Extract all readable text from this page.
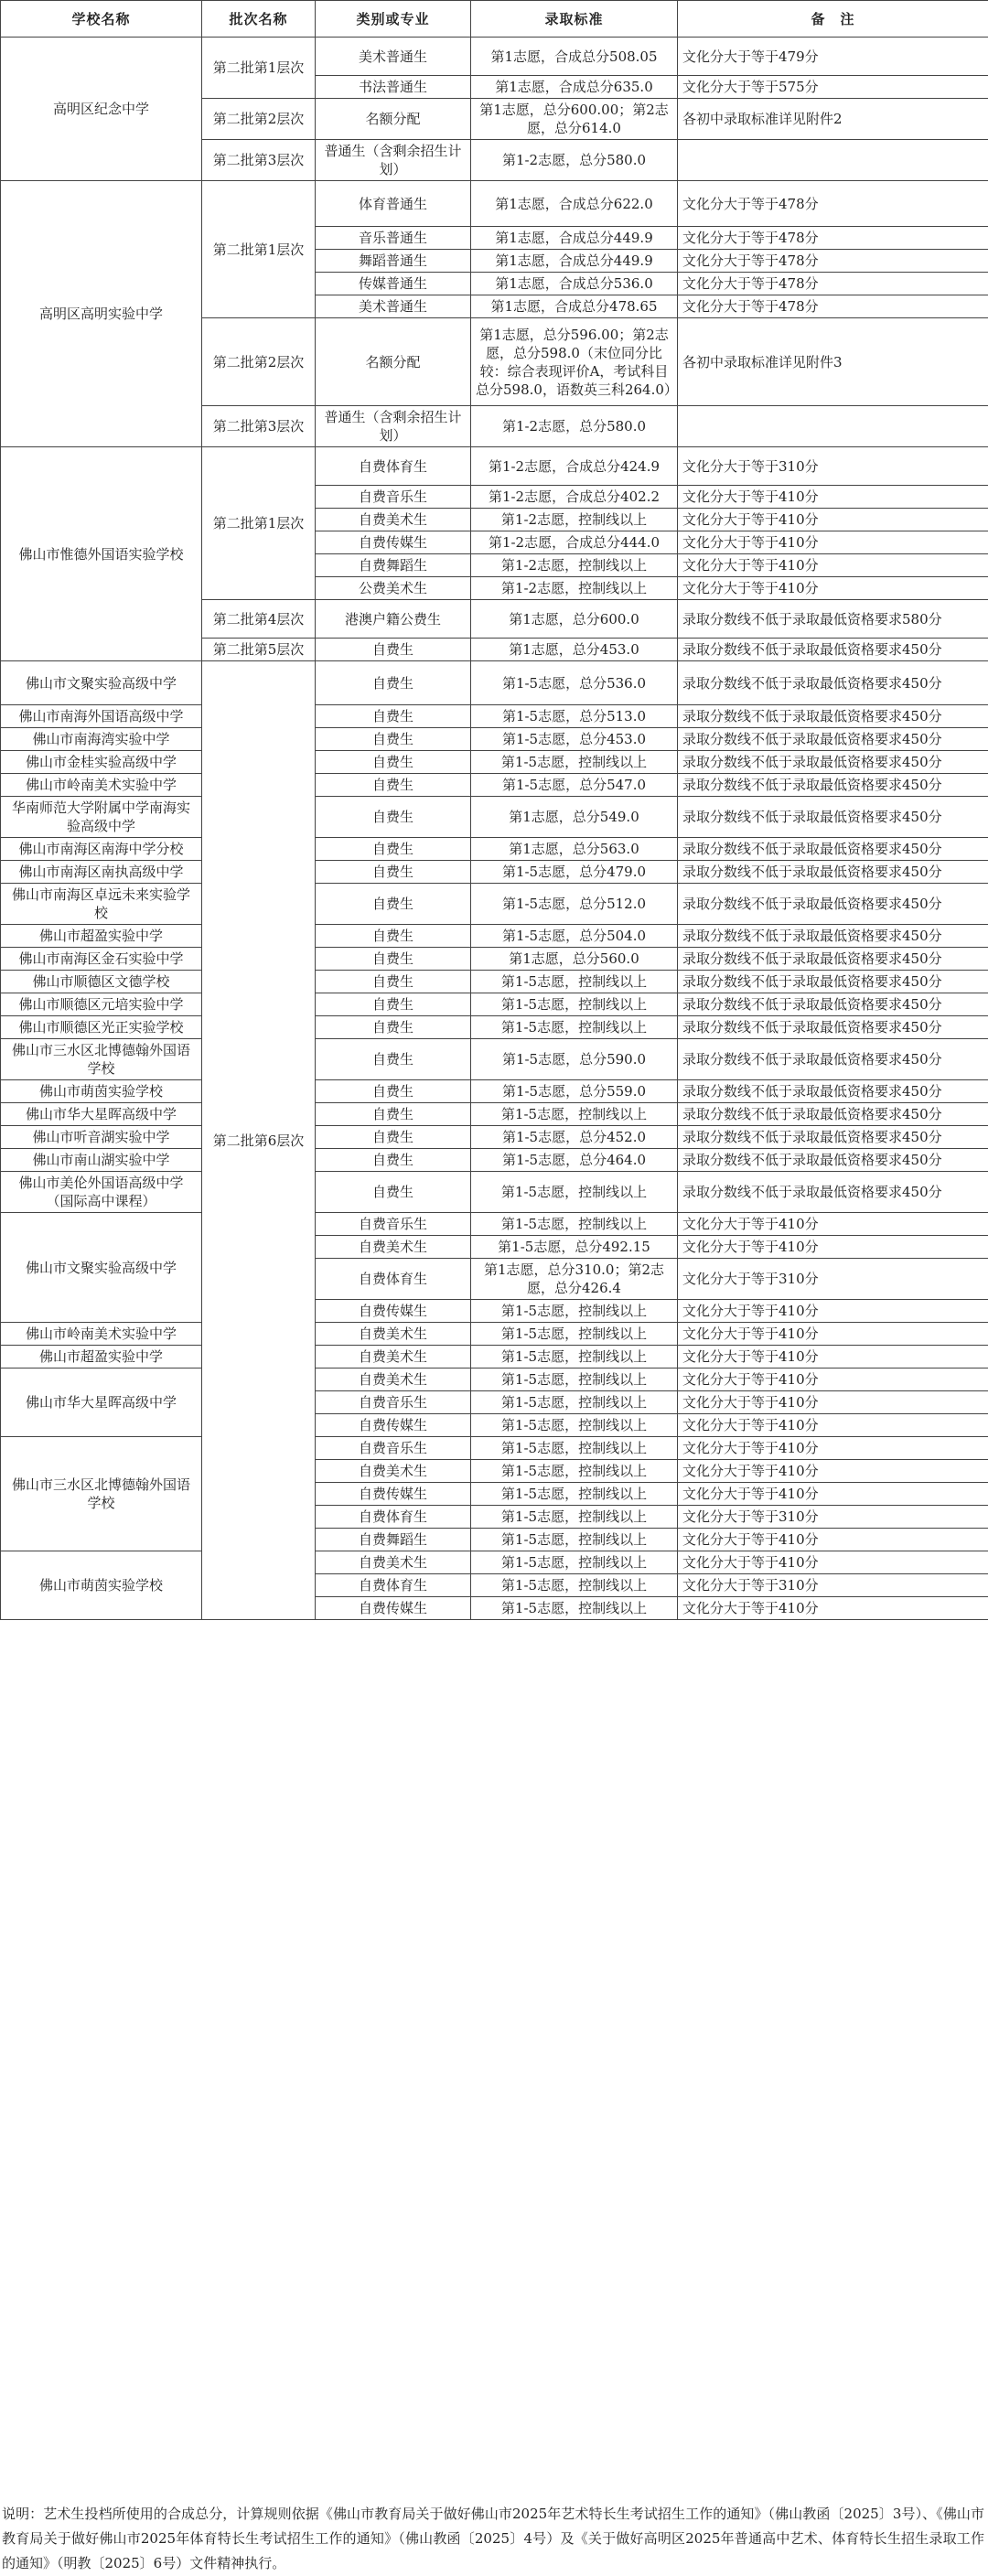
学校名称	批次名称	类别或专业	录取标准	备　注
高明区纪念中学	第二批第1层次	美术普通生	第1志愿，合成总分508.05	文化分大于等于479分
		书法普通生	第1志愿，合成总分635.0	文化分大于等于575分
	第二批第2层次	名额分配	第1志愿，总分600.00；第2志愿，总分614.0	各初中录取标准详见附件2
	第二批第3层次	普通生（含剩余招生计划）	第1-2志愿，总分580.0	
高明区高明实验中学	第二批第1层次	体育普通生	第1志愿，合成总分622.0	文化分大于等于478分
		音乐普通生	第1志愿，合成总分449.9	文化分大于等于478分
		舞蹈普通生	第1志愿，合成总分449.9	文化分大于等于478分
		传媒普通生	第1志愿，合成总分536.0	文化分大于等于478分
		美术普通生	第1志愿，合成总分478.65	文化分大于等于478分
	第二批第2层次	名额分配	第1志愿，总分596.00；第2志愿，总分598.0（末位同分比较：综合表现评价A，考试科目总分598.0，语数英三科264.0）	各初中录取标准详见附件3
	第二批第3层次	普通生（含剩余招生计划）	第1-2志愿，总分580.0	
佛山市惟德外国语实验学校	第二批第1层次	自费体育生	第1-2志愿，合成总分424.9	文化分大于等于310分
		自费音乐生	第1-2志愿，合成总分402.2	文化分大于等于410分
		自费美术生	第1-2志愿，控制线以上	文化分大于等于410分
		自费传媒生	第1-2志愿，合成总分444.0	文化分大于等于410分
		自费舞蹈生	第1-2志愿，控制线以上	文化分大于等于410分
		公费美术生	第1-2志愿，控制线以上	文化分大于等于410分
	第二批第4层次	港澳户籍公费生	第1志愿，总分600.0	录取分数线不低于录取最低资格要求580分
	第二批第5层次	自费生	第1志愿，总分453.0	录取分数线不低于录取最低资格要求450分
佛山市文聚实验高级中学	第二批第6层次	自费生	第1-5志愿，总分536.0	录取分数线不低于录取最低资格要求450分
佛山市南海外国语高级中学		自费生	第1-5志愿，总分513.0	录取分数线不低于录取最低资格要求450分
佛山市南海湾实验中学		自费生	第1-5志愿，总分453.0	录取分数线不低于录取最低资格要求450分
佛山市金桂实验高级中学		自费生	第1-5志愿，控制线以上	录取分数线不低于录取最低资格要求450分
佛山市岭南美术实验中学		自费生	第1-5志愿，总分547.0	录取分数线不低于录取最低资格要求450分
华南师范大学附属中学南海实验高级中学		自费生	第1志愿，总分549.0	录取分数线不低于录取最低资格要求450分
佛山市南海区南海中学分校		自费生	第1志愿，总分563.0	录取分数线不低于录取最低资格要求450分
佛山市南海区南执高级中学		自费生	第1-5志愿，总分479.0	录取分数线不低于录取最低资格要求450分
佛山市南海区卓远未来实验学校		自费生	第1-5志愿，总分512.0	录取分数线不低于录取最低资格要求450分
佛山市超盈实验中学		自费生	第1-5志愿，总分504.0	录取分数线不低于录取最低资格要求450分
佛山市南海区金石实验中学		自费生	第1志愿，总分560.0	录取分数线不低于录取最低资格要求450分
佛山市顺德区文德学校		自费生	第1-5志愿，控制线以上	录取分数线不低于录取最低资格要求450分
佛山市顺德区元培实验中学		自费生	第1-5志愿，控制线以上	录取分数线不低于录取最低资格要求450分
佛山市顺德区光正实验学校		自费生	第1-5志愿，控制线以上	录取分数线不低于录取最低资格要求450分
佛山市三水区北博德翰外国语学校		自费生	第1-5志愿，总分590.0	录取分数线不低于录取最低资格要求450分
佛山市萌茵实验学校		自费生	第1-5志愿，总分559.0	录取分数线不低于录取最低资格要求450分
佛山市华大星晖高级中学		自费生	第1-5志愿，控制线以上	录取分数线不低于录取最低资格要求450分
佛山市听音湖实验中学		自费生	第1-5志愿，总分452.0	录取分数线不低于录取最低资格要求450分
佛山市南山湖实验中学		自费生	第1-5志愿，总分464.0	录取分数线不低于录取最低资格要求450分
佛山市美伦外国语高级中学（国际高中课程）		自费生	第1-5志愿，控制线以上	录取分数线不低于录取最低资格要求450分
佛山市文聚实验高级中学		自费音乐生	第1-5志愿，控制线以上	文化分大于等于410分
		自费美术生	第1-5志愿，总分492.15	文化分大于等于410分
		自费体育生	第1志愿，总分310.0；第2志愿，总分426.4	文化分大于等于310分
		自费传媒生	第1-5志愿，控制线以上	文化分大于等于410分
佛山市岭南美术实验中学		自费美术生	第1-5志愿，控制线以上	文化分大于等于410分
佛山市超盈实验中学		自费美术生	第1-5志愿，控制线以上	文化分大于等于410分
佛山市华大星晖高级中学		自费美术生	第1-5志愿，控制线以上	文化分大于等于410分
		自费音乐生	第1-5志愿，控制线以上	文化分大于等于410分
		自费传媒生	第1-5志愿，控制线以上	文化分大于等于410分
佛山市三水区北博德翰外国语学校		自费音乐生	第1-5志愿，控制线以上	文化分大于等于410分
		自费美术生	第1-5志愿，控制线以上	文化分大于等于410分
		自费传媒生	第1-5志愿，控制线以上	文化分大于等于410分
		自费体育生	第1-5志愿，控制线以上	文化分大于等于310分
		自费舞蹈生	第1-5志愿，控制线以上	文化分大于等于410分
佛山市萌茵实验学校		自费美术生	第1-5志愿，控制线以上	文化分大于等于410分
		自费体育生	第1-5志愿，控制线以上	文化分大于等于310分
		自费传媒生	第1-5志愿，控制线以上	文化分大于等于410分
说明：艺术生投档所使用的合成总分，计算规则依据《佛山市教育局关于做好佛山市2025年艺术特长生考试招生工作的通知》（佛山教函〔2025〕3号）、《佛山市教育局关于做好佛山市2025年体育特长生考试招生工作的通知》（佛山教函〔2025〕4号）及《关于做好高明区2025年普通高中艺术、体育特长生招生录取工作的通知》（明教〔2025〕6号）文件精神执行。
